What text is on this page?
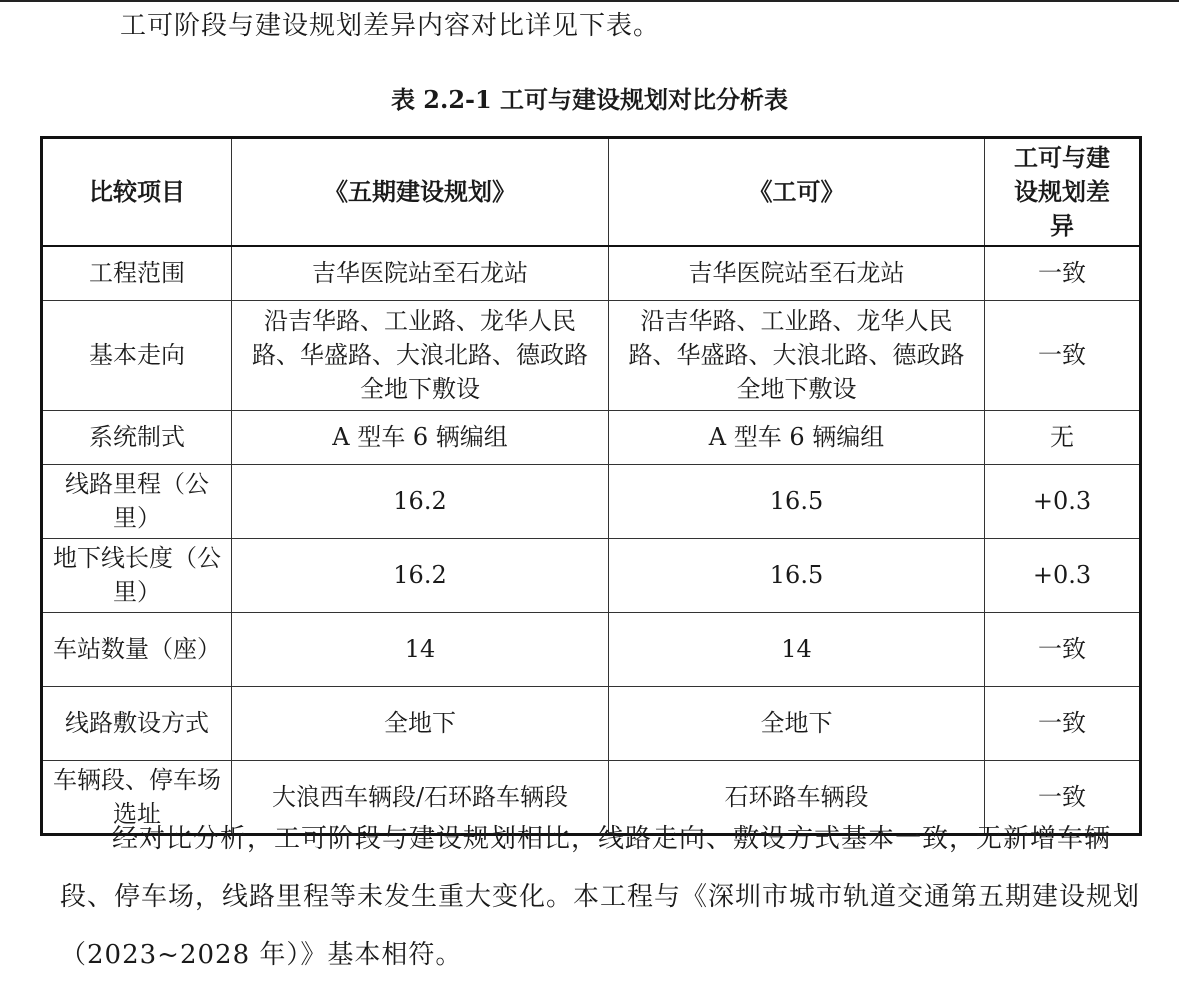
工可阶段与建设规划差异内容对比详见下表。
表 2.2-1 工可与建设规划对比分析表
比较项目	《五期建设规划》	《工可》	工可与建设规划差异
工程范围	吉华医院站至石龙站	吉华医院站至石龙站	一致
基本走向	沿吉华路、工业路、龙华人民路、华盛路、大浪北路、德政路全地下敷设	沿吉华路、工业路、龙华人民路、华盛路、大浪北路、德政路全地下敷设	一致
系统制式	A 型车 6 辆编组	A 型车 6 辆编组	无
线路里程（公里）	16.2	16.5	+0.3
地下线长度（公里）	16.2	16.5	+0.3
车站数量（座）	14	14	一致
线路敷设方式	全地下	全地下	一致
车辆段、停车场选址	大浪西车辆段/石环路车辆段	石环路车辆段	一致

经对比分析，工可阶段与建设规划相比，线路走向、敷设方式基本一致，无新增车辆段、停车场，线路里程等未发生重大变化。本工程与《深圳市城市轨道交通第五期建设规划（2023~2028 年）》基本相符。
